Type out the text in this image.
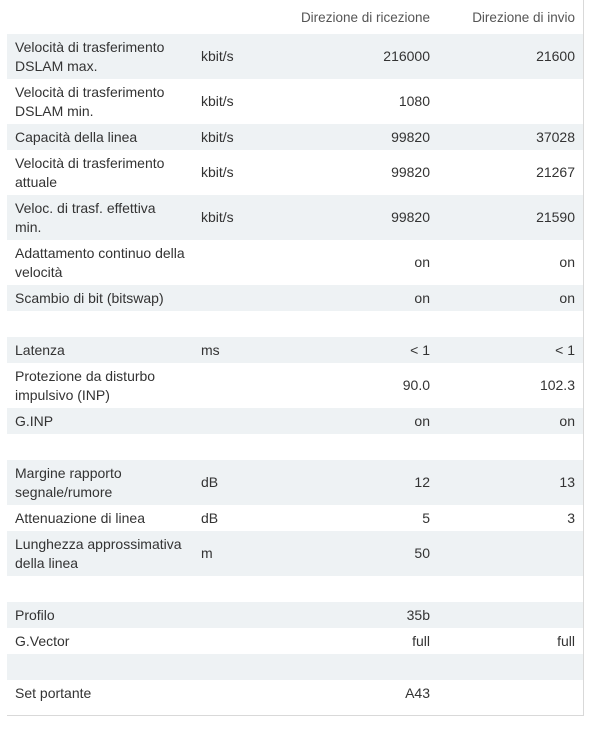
		Direzione di ricezione	Direzione di invio
Velocità di trasferimento DSLAM max.	kbit/s	216000	21600
Velocità di trasferimento DSLAM min.	kbit/s	1080	
Capacità della linea	kbit/s	99820	37028
Velocità di trasferimento attuale	kbit/s	99820	21267
Veloc. di trasf. effettiva min.	kbit/s	99820	21590
Adattamento continuo della velocità		on	on
Scambio di bit (bitswap)		on	on

Latenza	ms	< 1	< 1
Protezione da disturbo impulsivo (INP)		90.0	102.3
G.INP		on	on

Margine rapporto segnale/rumore	dB	12	13
Attenuazione di linea	dB	5	3
Lunghezza approssimativa della linea	m	50	

Profilo		35b	
G.Vector		full	full

Set portante		A43	
